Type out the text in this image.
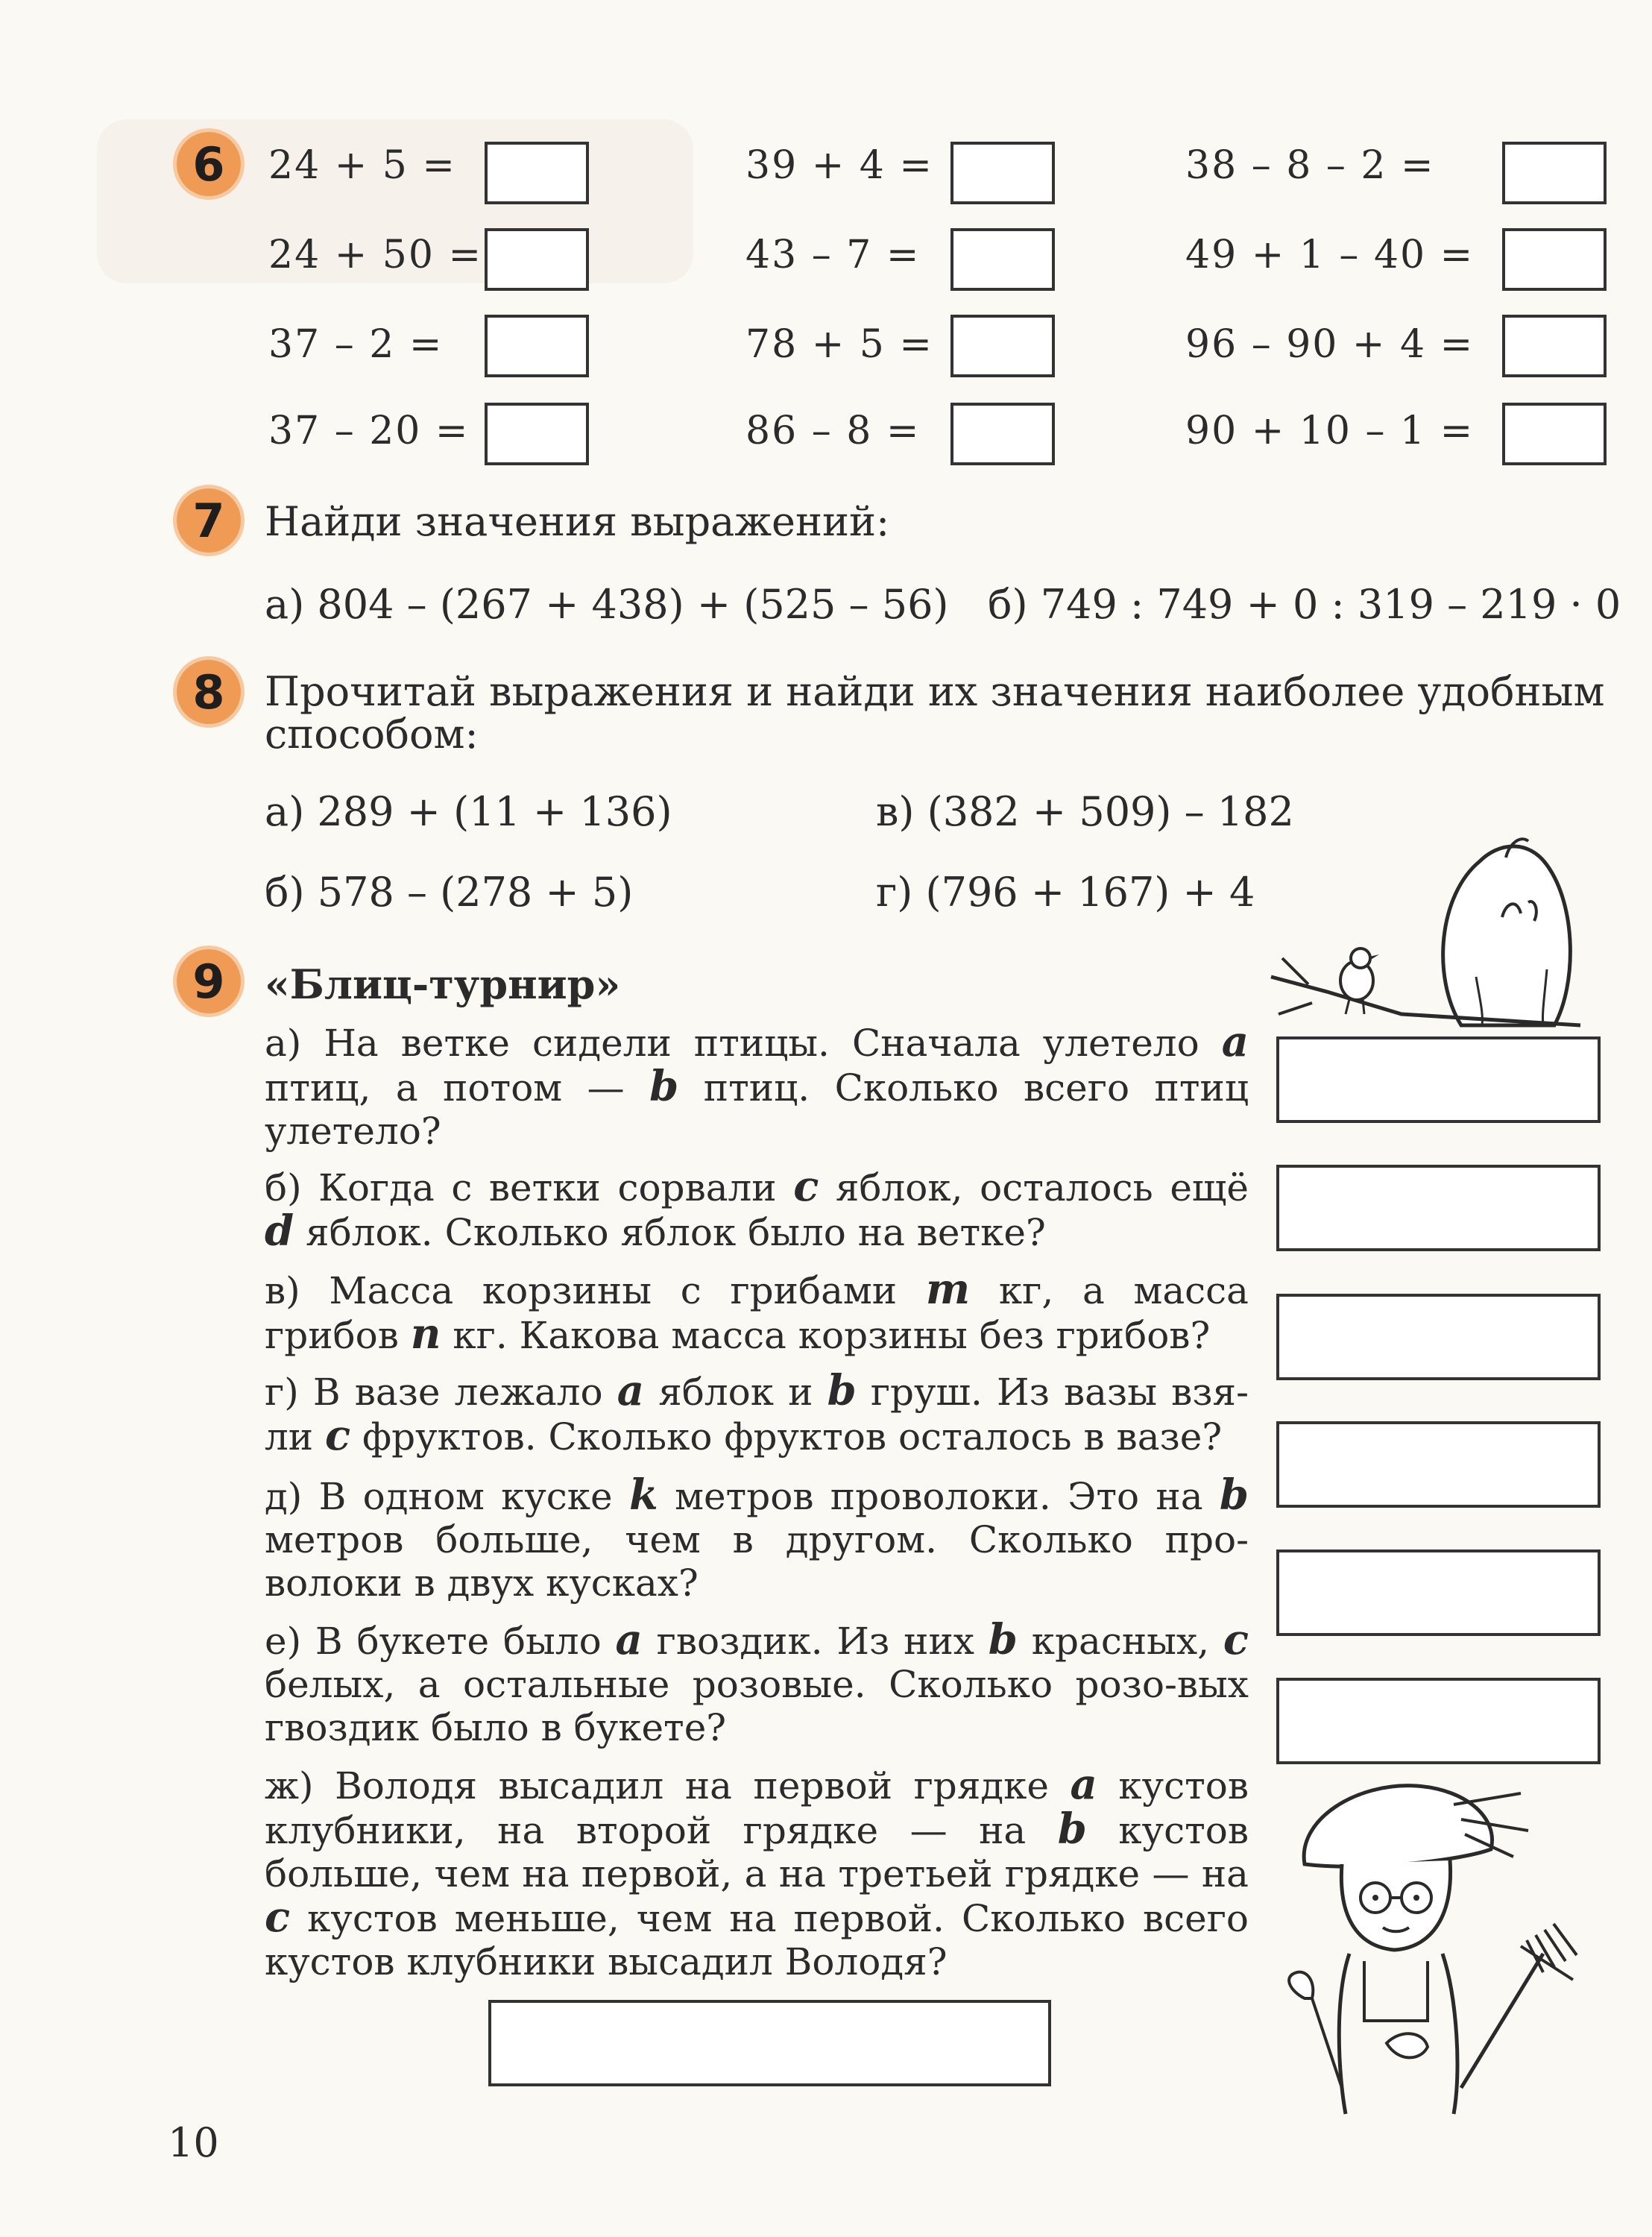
6	24 + 5 =
24 + 50 =
37 – 2 =
37 – 20 =
39 + 4 =
43 – 7 =
78 + 5 =
86 – 8 =
38 – 8 – 2 =
49 + 1 – 40 =
96 – 90 + 4 =
90 + 10 – 1 =
7 Найди значения выражений:
а) 804 – (267 + 438) + (525 – 56) б) 749 : 749 + 0 : 319 – 219 · 0
8 Прочитай выражения и найди их значения наиболее удобным
способом:
а) 289 + (11 + 136)
б) 578 – (278 + 5)
в) (382 + 509) – 182
г) (796 + 167) + 4
9 «Блиц-турнир»
а) На ветке сидели птицы. Сначала улетело a птиц, а потом — b птиц. Сколько всего птиц улетело?
б) Когда с ветки сорвали c яблок, осталось ещё d яблок. Сколько яблок было на ветке?
в) Масса корзины с грибами m кг, а масса грибов n кг. Какова масса корзины без грибов?
г) В вазе лежало a яблок и b груш. Из вазы взя-ли c фруктов. Сколько фруктов осталось в вазе?
д) В одном куске k метров проволоки. Это на b метров больше, чем в другом. Сколько про-волоки в двух кусках?
е) В букете было a гвоздик. Из них b красных, c белых, а остальные розовые. Сколько розо-вых гвоздик было в букете?
ж) Володя высадил на первой грядке a кустов клубники, на второй грядке — на b кустов больше, чем на первой, а на третьей грядке — на c кустов меньше, чем на первой. Сколько всего кустов клубники высадил Володя?
10
